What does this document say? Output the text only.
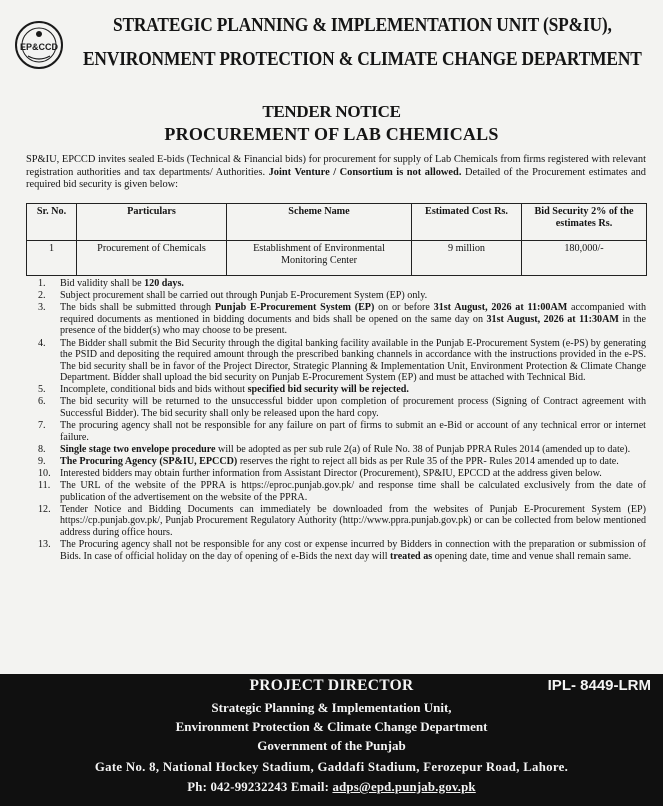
EP&CCD
STRATEGIC PLANNING & IMPLEMENTATION UNIT (SP&IU),
ENVIRONMENT PROTECTION & CLIMATE CHANGE DEPARTMENT
TENDER NOTICE
PROCUREMENT OF LAB CHEMICALS

SP&IU, EPCCD invites sealed E-bids (Technical & Financial bids) for procurement for supply of Lab Chemicals from firms registered with relevant registration authorities and tax departments/ Authorities. Joint Venture / Consortium is not allowed. Detailed of the Procurement estimates and required bid security is given below:

Sr. No.	Particulars	Scheme Name	Estimated Cost Rs.	Bid Security 2% of the estimates Rs.
1	Procurement of Chemicals	Establishment of Environmental Monitoring Center	9 million	180,000/-
1.	Bid validity shall be 120 days.
2.	Subject procurement shall be carried out through Punjab E-Procurement System (EP) only.
3.	The bids shall be submitted through Punjab E-Procurement System (EP) on or before 31st August, 2026 at 11:00AM accompanied with required documents as mentioned in bidding documents and bids shall be opened on the same day on 31st August, 2026 at 11:30AM in the presence of the bidder(s) who may choose to be present.
4.	The Bidder shall submit the Bid Security through the digital banking facility available in the Punjab E-Procurement System (e-PS) by generating the PSID and depositing the required amount through the prescribed banking channels in accordance with the instructions provided in the e-PS. The bid security shall be in favor of the Project Director, Strategic Planning & Implementation Unit, Environment Protection & Climate Change Department. Bidder shall upload the bid security on Punjab E-Procurement System (EP) and must be attached with Technical Bid.
5.	Incomplete, conditional bids and bids without specified bid security will be rejected.
6.	The bid security will be returned to the unsuccessful bidder upon completion of procurement process (Signing of Contract agreement with Successful Bidder). The bid security shall only be released upon the hard copy.
7.	The procuring agency shall not be responsible for any failure on part of firms to submit an e-Bid or account of any technical error or internet failure.
8.	Single stage two envelope procedure will be adopted as per sub rule 2(a) of Rule No. 38 of Punjab PPRA Rules 2014 (amended up to date).
9.	The Procuring Agency (SP&IU, EPCCD) reserves the right to reject all bids as per Rule 35 of the PPR- Rules 2014 amended up to date.
10. Interested bidders may obtain further information from Assistant Director (Procurement), SP&IU, EPCCD at the address given below.
11. The URL of the website of the PPRA is https://eproc.punjab.gov.pk/ and response time shall be calculated exclusively from the date of publication of the advertisement on the website of the PPRA.
12. Tender Notice and Bidding Documents can immediately be downloaded from the websites of Punjab E-Procurement System (EP) https://cp.punjab.gov.pk/, Punjab Procurement Regulatory Authority (http://www.ppra.punjab.gov.pk) or can be collected from below mentioned address during office hours.
13. The Procuring agency shall not be responsible for any cost or expense incurred by Bidders in connection with the preparation or submission of Bids. In case of official holiday on the day of opening of e-Bids the next day will treated as opening date, time and venue shall remain same.
PROJECT DIRECTOR	IPL- 8449-LRM
Strategic Planning & Implementation Unit,
Environment Protection & Climate Change Department
Government of the Punjab
Gate No. 8, National Hockey Stadium, Gaddafi Stadium, Ferozepur Road, Lahore.
Ph: 042-99232243 Email: adps@epd.punjab.gov.pk
